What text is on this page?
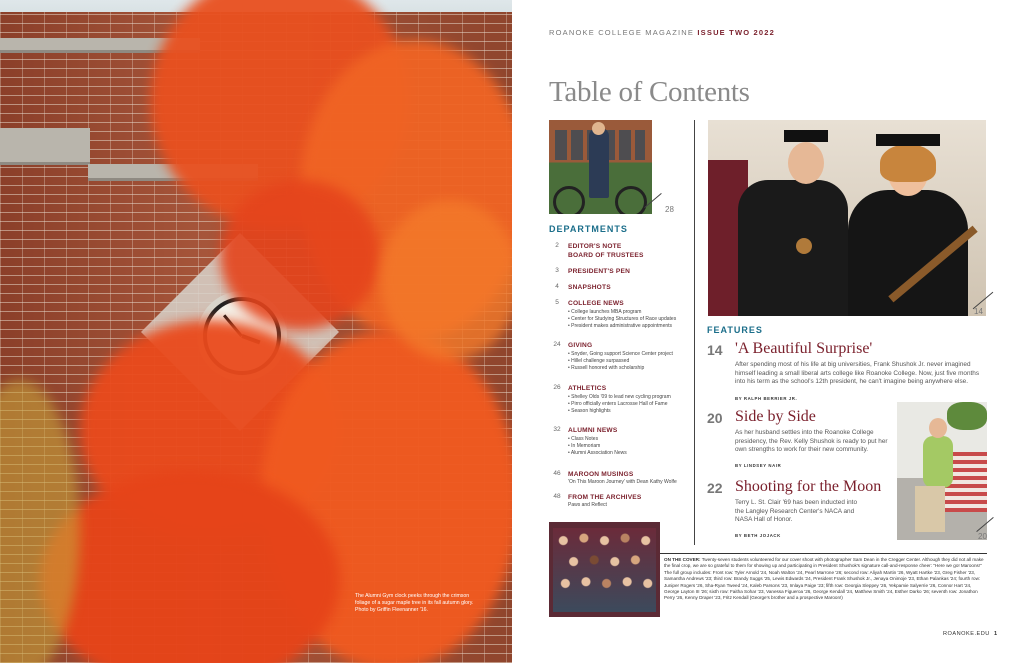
The Alumni Gym clock peeks through the crimson foliage of a sugar maple tree in its fall autumn glory. Photo by Griffin Fleenanner '16.
ROANOKE COLLEGE MAGAZINE ISSUE TWO 2022
Table of Contents
28
14
DEPARTMENTS
2	EDITOR'S NOTE
BOARD OF TRUSTEES
3	PRESIDENT'S PEN
4	SNAPSHOTS
5	COLLEGE NEWS
• College launches MBA program
• Center for Studying Structures of Race updates
• President makes administrative appointments
24	GIVING
• Snyder, Going support Science Center project
• Hillel challenge surpassed
• Russell honored with scholarship
26	ATHLETICS
• Shelley Olds '09 to lead new cycling program
• Pirro officially enters Lacrosse Hall of Fame
• Season highlights
32	ALUMNI NEWS
• Class Notes
• In Memoriam
• Alumni Association News
46	MAROON MUSINGS
'On This Maroon Journey' with Dean Kathy Wolfe
48	FROM THE ARCHIVES
Paws and Reflect
FEATURES
14 'A Beautiful Surprise'
After spending most of his life at big universities, Frank Shushok Jr. never imagined himself leading a small liberal arts college like Roanoke College. Now, just five months into his term as the school's 12th president, he can't imagine being anywhere else.
BY RALPH BERRIER JR.
20 Side by Side
As her husband settles into the Roanoke College presidency, the Rev. Kelly Shushok is ready to put her own strengths to work for their new community.
BY LINDSEY NAIR
22 Shooting for the Moon
Terry L. St. Clair '69 has been inducted into the Langley Research Center's NACA and NASA Hall of Honor.
BY BETH JOJACK	20
ON THE COVER: Twenty-seven students volunteered for our cover shoot with photographer Sam Dean in the Cregger Center. Although they did not all make the final crop, we are so grateful to them for showing up and participating in President Shushok's signature call-and-response cheer: "Here we go! Maroons!" The full group includes: Front row: Tyler Arnold '24, Noah Walton '24, Pearl Marrone '26; second row: Aliyah Martin '26, Wyatt Hartke '23, Greg Fisher '23, Samantha Andrews '23; third row: Brandy Suggs '25, Lewis Edwards '24, President Frank Shushok Jr., Jenaya Onimoje '23, Ethan Palankas '24; fourth row: Juniper Rogers '26, Sha-Ryan Tweed '24, Kaleb Parsons '23, Imlaya Paige '23; fifth row: Georgia Sleppey '26, Yekpamie Salyerrie '26, Connor Hart '24, George Layton III '26; sixth row: Faitha Sohar '23, Vanessa Figueroa '26, George Kendall '24, Matthew Smith '24, Esther Darko '26; seventh row: Jonathon Perry '26, Kenny Draper '23, Fritz Kendall (George's brother and a prospective Maroon!)
ROANOKE.EDU 1
